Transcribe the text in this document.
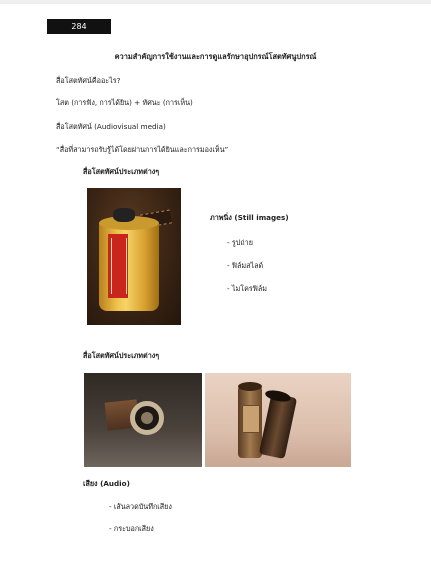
284
ความสำคัญการใช้งานและการดูแลรักษาอุปกรณ์โสตทัศนูปกรณ์
สื่อโสตทัศน์คืออะไร?
โสต (การฟัง, การได้ยิน) + ทัศนะ (การเห็น)
สื่อโสตทัศน์ (Audiovisual media)
“สื่อที่สามารถรับรู้ได้โดยผ่านการได้ยินและการมองเห็น”
สื่อโสตทัศน์ประเภทต่างๆ
ภาพนิ่ง (Still images)
- รูปถ่าย
- ฟิล์มสไลด์
- ไมโครฟิล์ม
สื่อโสตทัศน์ประเภทต่างๆ
เสียง (Audio)
- เส้นลวดบันทึกเสียง
- กระบอกเสียง
